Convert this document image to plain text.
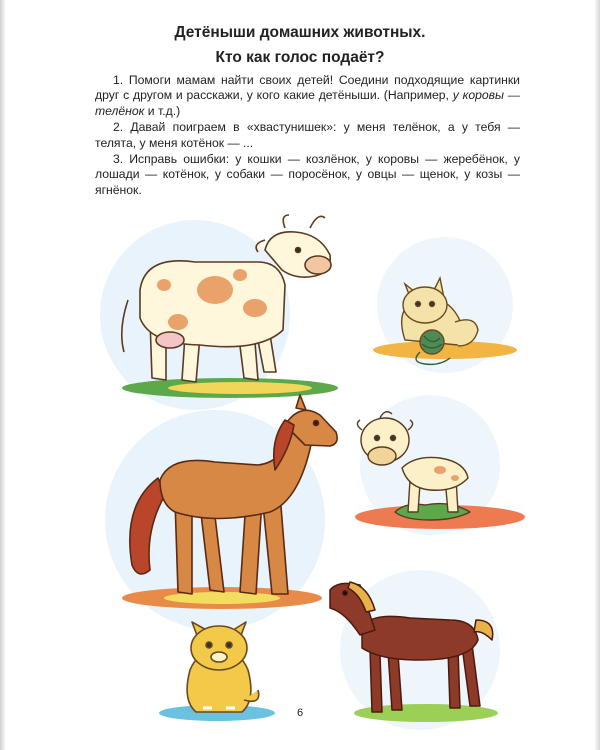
Детёныши домашних животных.
Кто как голос подаёт?

1. Помоги мамам найти своих детей! Соедини подходящие картинки друг с другом и расскажи, у кого какие детёныши. (Например, у коровы — телёнок и т.д.)

2. Давай поиграем в «хвастунишек»: у меня телёнок, а у тебя — телята, у меня котёнок — ...

3. Исправь ошибки: у кошки — козлёнок, у коровы — жеребёнок, у лошади — котёнок, у собаки — поросёнок, у овцы — щенок, у козы — ягнёнок.

6
